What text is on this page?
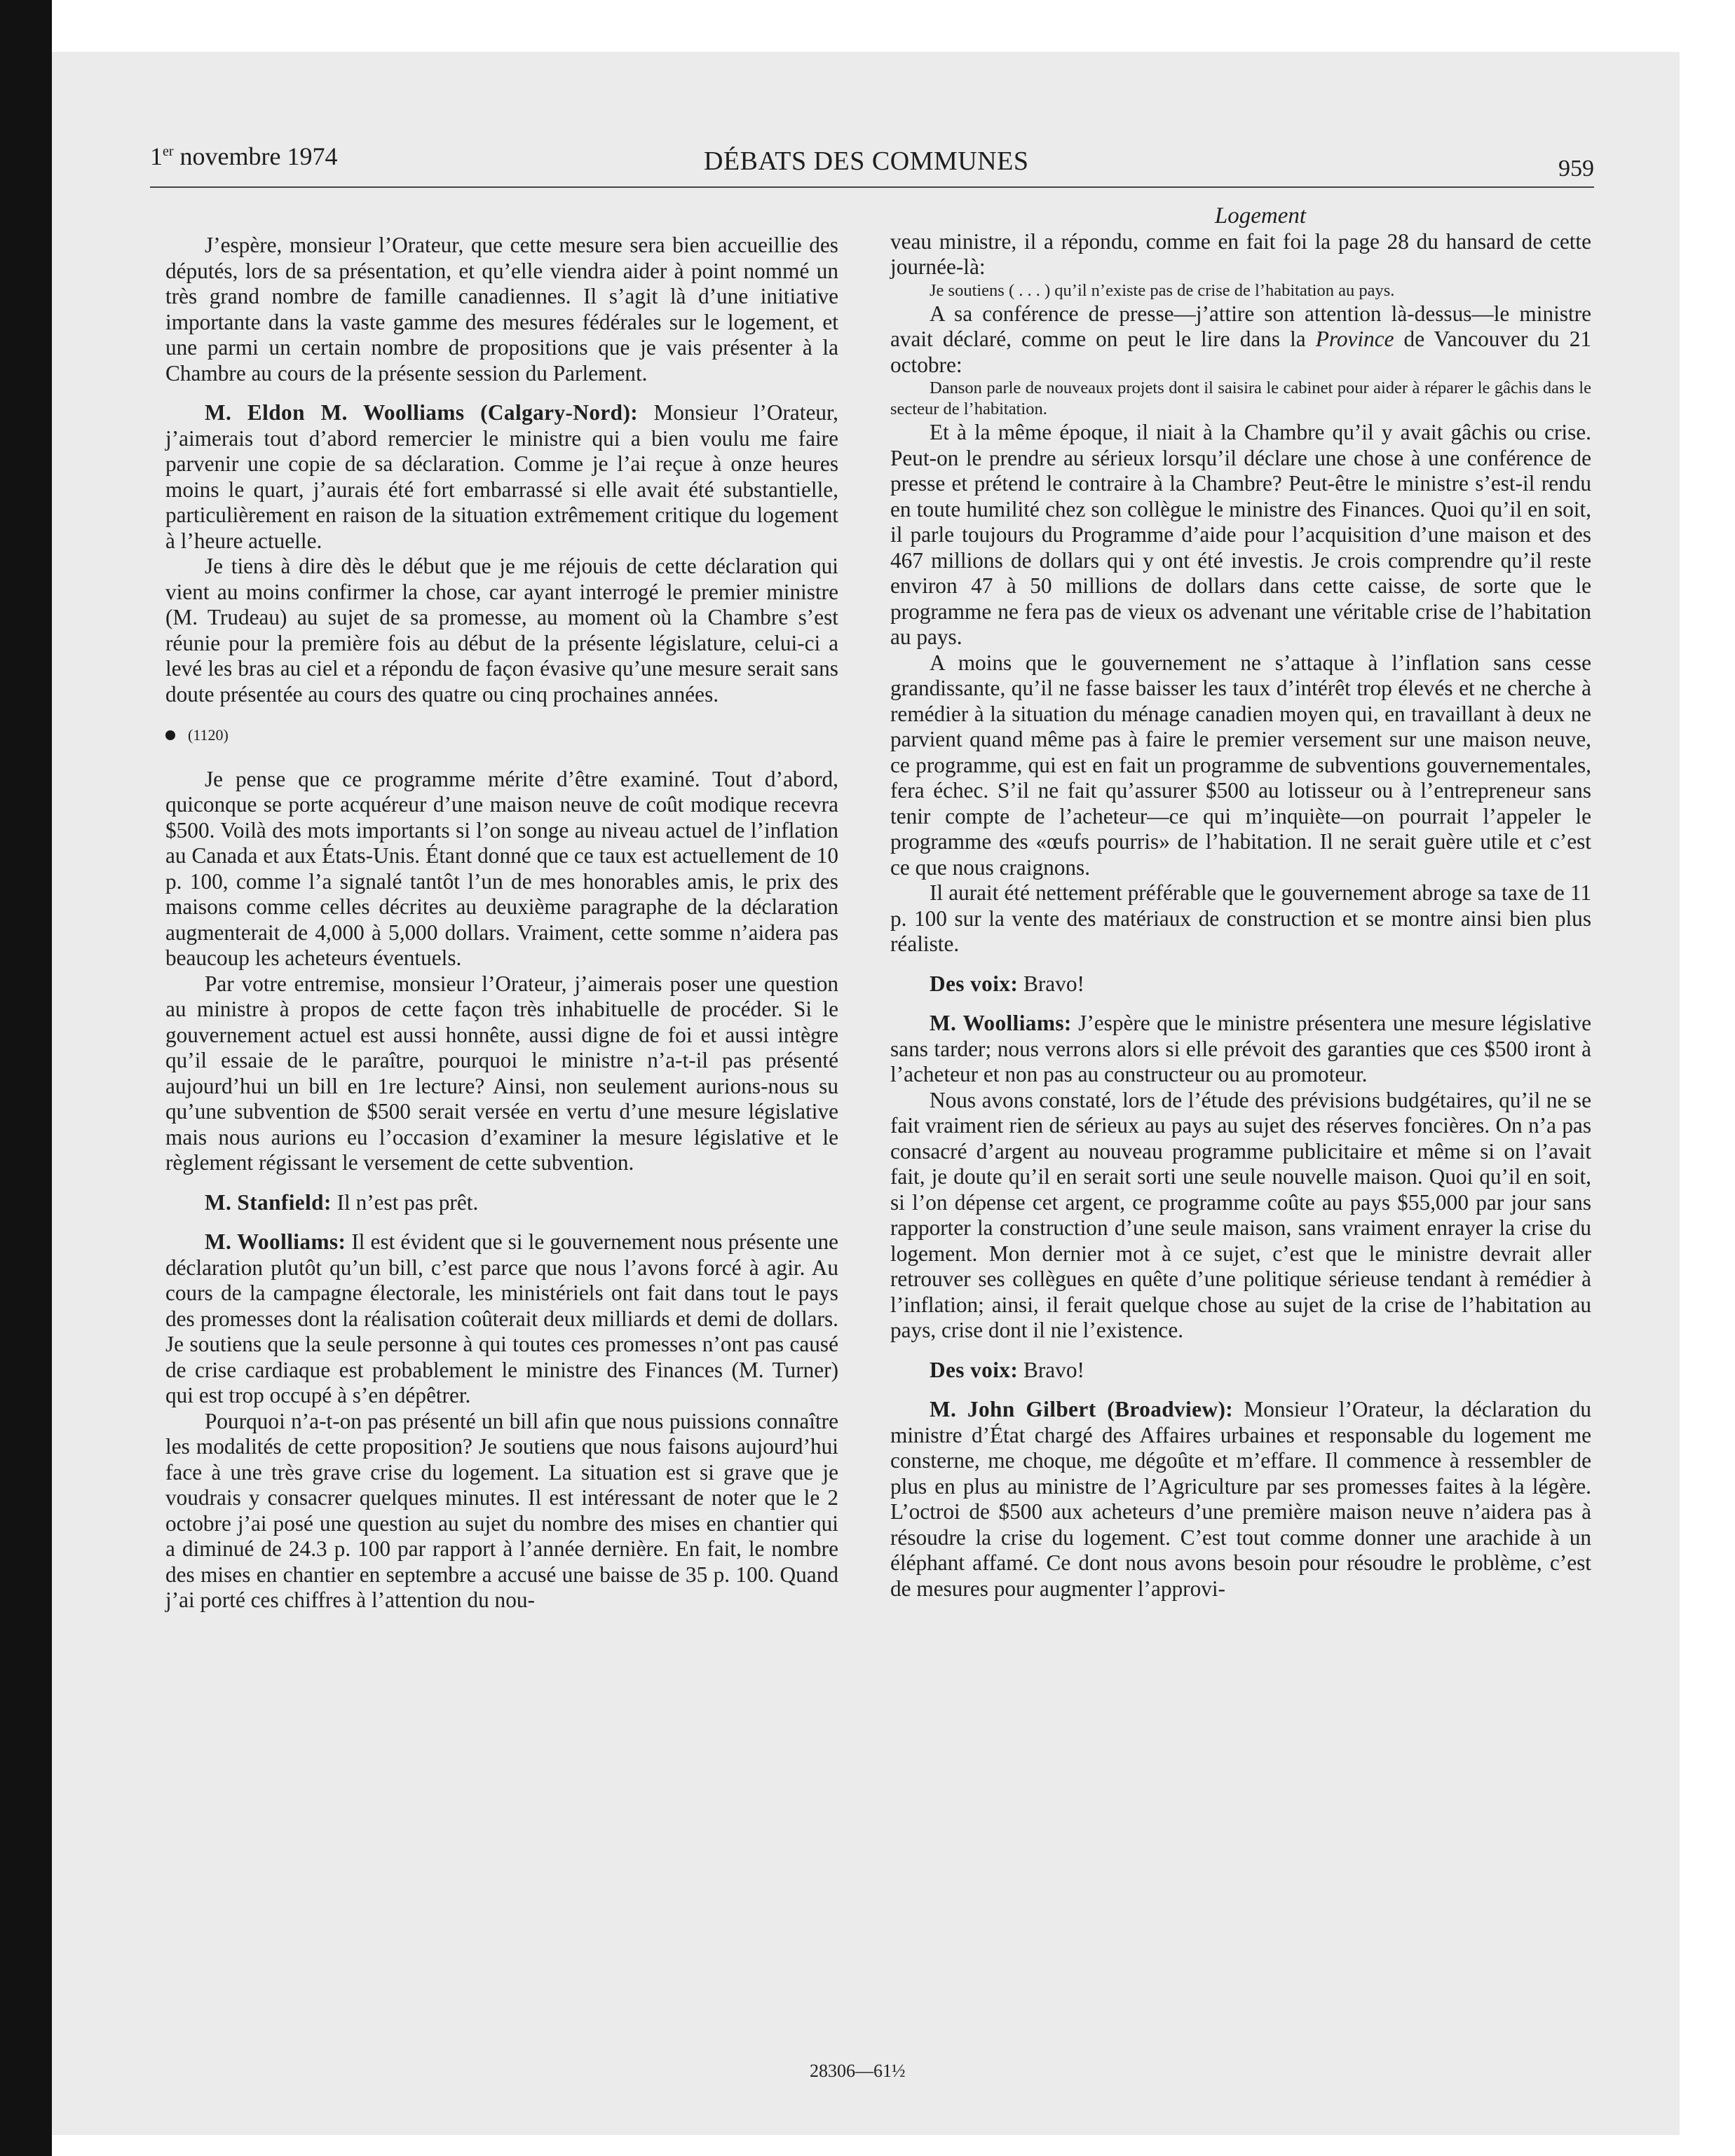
1er novembre 1974	DÉBATS DES COMMUNES	959

J’espère, monsieur l’Orateur, que cette mesure sera bien accueillie des députés, lors de sa présentation, et qu’elle viendra aider à point nommé un très grand nombre de famille canadiennes. Il s’agit là d’une initiative importante dans la vaste gamme des mesures fédérales sur le logement, et une parmi un certain nombre de propositions que je vais présenter à la Chambre au cours de la présente session du Parlement.

M. Eldon M. Woolliams (Calgary-Nord): Monsieur l’Orateur, j’aimerais tout d’abord remercier le ministre qui a bien voulu me faire parvenir une copie de sa déclaration. Comme je l’ai reçue à onze heures moins le quart, j’aurais été fort embarrassé si elle avait été substantielle, particulièrement en raison de la situation extrêmement critique du logement à l’heure actuelle.

Je tiens à dire dès le début que je me réjouis de cette déclaration qui vient au moins confirmer la chose, car ayant interrogé le premier ministre (M. Trudeau) au sujet de sa promesse, au moment où la Chambre s’est réunie pour la première fois au début de la présente législature, celui-ci a levé les bras au ciel et a répondu de façon évasive qu’une mesure serait sans doute présentée au cours des quatre ou cinq prochaines années.

(1120)

Je pense que ce programme mérite d’être examiné. Tout d’abord, quiconque se porte acquéreur d’une maison neuve de coût modique recevra $500. Voilà des mots importants si l’on songe au niveau actuel de l’inflation au Canada et aux États-Unis. Étant donné que ce taux est actuellement de 10 p. 100, comme l’a signalé tantôt l’un de mes honorables amis, le prix des maisons comme celles décrites au deuxième paragraphe de la déclaration augmenterait de 4,000 à 5,000 dollars. Vraiment, cette somme n’aidera pas beaucoup les acheteurs éventuels.

Par votre entremise, monsieur l’Orateur, j’aimerais poser une question au ministre à propos de cette façon très inhabituelle de procéder. Si le gouvernement actuel est aussi honnête, aussi digne de foi et aussi intègre qu’il essaie de le paraître, pourquoi le ministre n’a-t-il pas présenté aujourd’hui un bill en 1re lecture? Ainsi, non seulement aurions-nous su qu’une subvention de $500 serait versée en vertu d’une mesure législative mais nous aurions eu l’occasion d’examiner la mesure législative et le règlement régissant le versement de cette subvention.

M. Stanfield: Il n’est pas prêt.

M. Woolliams: Il est évident que si le gouvernement nous présente une déclaration plutôt qu’un bill, c’est parce que nous l’avons forcé à agir. Au cours de la campagne électorale, les ministériels ont fait dans tout le pays des promesses dont la réalisation coûterait deux milliards et demi de dollars. Je soutiens que la seule personne à qui toutes ces promesses n’ont pas causé de crise cardiaque est probablement le ministre des Finances (M. Turner) qui est trop occupé à s’en dépêtrer.

Pourquoi n’a-t-on pas présenté un bill afin que nous puissions connaître les modalités de cette proposition? Je soutiens que nous faisons aujourd’hui face à une très grave crise du logement. La situation est si grave que je voudrais y consacrer quelques minutes. Il est intéressant de noter que le 2 octobre j’ai posé une question au sujet du nombre des mises en chantier qui a diminué de 24.3 p. 100 par rapport à l’année dernière. En fait, le nombre des mises en chantier en septembre a accusé une baisse de 35 p. 100. Quand j’ai porté ces chiffres à l’attention du nou-

Logement

veau ministre, il a répondu, comme en fait foi la page 28 du hansard de cette journée-là:

Je soutiens ( . . . ) qu’il n’existe pas de crise de l’habitation au pays.

A sa conférence de presse—j’attire son attention là-dessus—le ministre avait déclaré, comme on peut le lire dans la Province de Vancouver du 21 octobre:

Danson parle de nouveaux projets dont il saisira le cabinet pour aider à réparer le gâchis dans le secteur de l’habitation.

Et à la même époque, il niait à la Chambre qu’il y avait gâchis ou crise. Peut-on le prendre au sérieux lorsqu’il déclare une chose à une conférence de presse et prétend le contraire à la Chambre? Peut-être le ministre s’est-il rendu en toute humilité chez son collègue le ministre des Finances. Quoi qu’il en soit, il parle toujours du Programme d’aide pour l’acquisition d’une maison et des 467 millions de dollars qui y ont été investis. Je crois comprendre qu’il reste environ 47 à 50 millions de dollars dans cette caisse, de sorte que le programme ne fera pas de vieux os advenant une véritable crise de l’habitation au pays.

A moins que le gouvernement ne s’attaque à l’inflation sans cesse grandissante, qu’il ne fasse baisser les taux d’intérêt trop élevés et ne cherche à remédier à la situation du ménage canadien moyen qui, en travaillant à deux ne parvient quand même pas à faire le premier versement sur une maison neuve, ce programme, qui est en fait un programme de subventions gouvernementales, fera échec. S’il ne fait qu’assurer $500 au lotisseur ou à l’entrepreneur sans tenir compte de l’acheteur—ce qui m’inquiète—on pourrait l’appeler le programme des «œufs pourris» de l’habitation. Il ne serait guère utile et c’est ce que nous craignons.

Il aurait été nettement préférable que le gouvernement abroge sa taxe de 11 p. 100 sur la vente des matériaux de construction et se montre ainsi bien plus réaliste.

Des voix: Bravo!

M. Woolliams: J’espère que le ministre présentera une mesure législative sans tarder; nous verrons alors si elle prévoit des garanties que ces $500 iront à l’acheteur et non pas au constructeur ou au promoteur.

Nous avons constaté, lors de l’étude des prévisions budgétaires, qu’il ne se fait vraiment rien de sérieux au pays au sujet des réserves foncières. On n’a pas consacré d’argent au nouveau programme publicitaire et même si on l’avait fait, je doute qu’il en serait sorti une seule nouvelle maison. Quoi qu’il en soit, si l’on dépense cet argent, ce programme coûte au pays $55,000 par jour sans rapporter la construction d’une seule maison, sans vraiment enrayer la crise du logement. Mon dernier mot à ce sujet, c’est que le ministre devrait aller retrouver ses collègues en quête d’une politique sérieuse tendant à remédier à l’inflation; ainsi, il ferait quelque chose au sujet de la crise de l’habitation au pays, crise dont il nie l’existence.

Des voix: Bravo!

M. John Gilbert (Broadview): Monsieur l’Orateur, la déclaration du ministre d’État chargé des Affaires urbaines et responsable du logement me consterne, me choque, me dégoûte et m’effare. Il commence à ressembler de plus en plus au ministre de l’Agriculture par ses promesses faites à la légère. L’octroi de $500 aux acheteurs d’une première maison neuve n’aidera pas à résoudre la crise du logement. C’est tout comme donner une arachide à un éléphant affamé. Ce dont nous avons besoin pour résoudre le problème, c’est de mesures pour augmenter l’approvi-

28306—61½
